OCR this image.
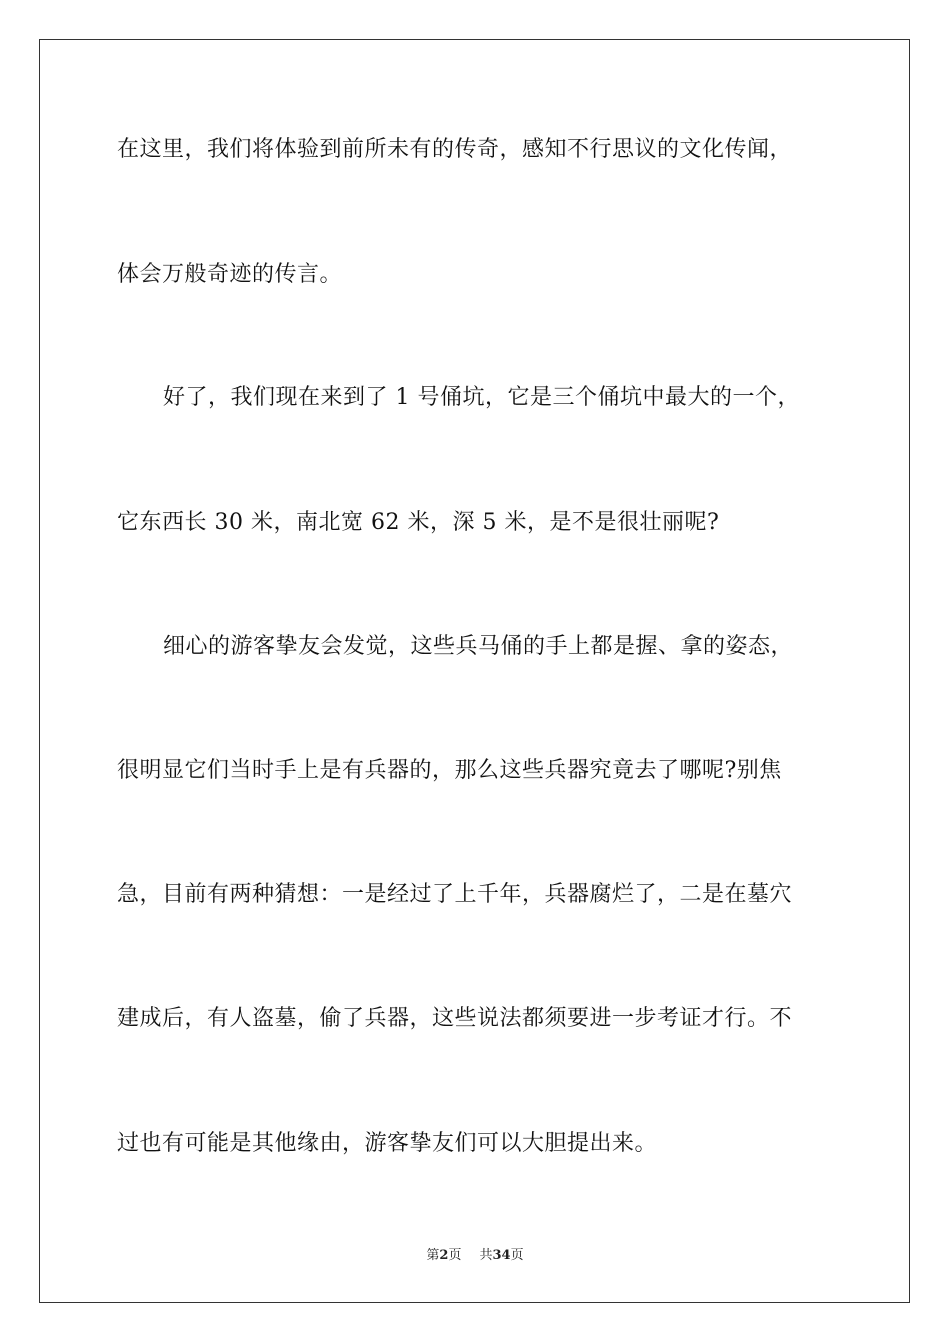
在这里，我们将体验到前所未有的传奇，感知不行思议的文化传闻，
体会万般奇迹的传言。
好了，我们现在来到了 1 号俑坑，它是三个俑坑中最大的一个，
它东西长 30 米，南北宽 62 米，深 5 米，是不是很壮丽呢?
细心的游客挚友会发觉，这些兵马俑的手上都是握、拿的姿态，
很明显它们当时手上是有兵器的，那么这些兵器究竟去了哪呢?别焦
急，目前有两种猜想：一是经过了上千年，兵器腐烂了，二是在墓穴
建成后，有人盗墓，偷了兵器，这些说法都须要进一步考证才行。不
过也有可能是其他缘由，游客挚友们可以大胆提出来。
第2页 共34页
